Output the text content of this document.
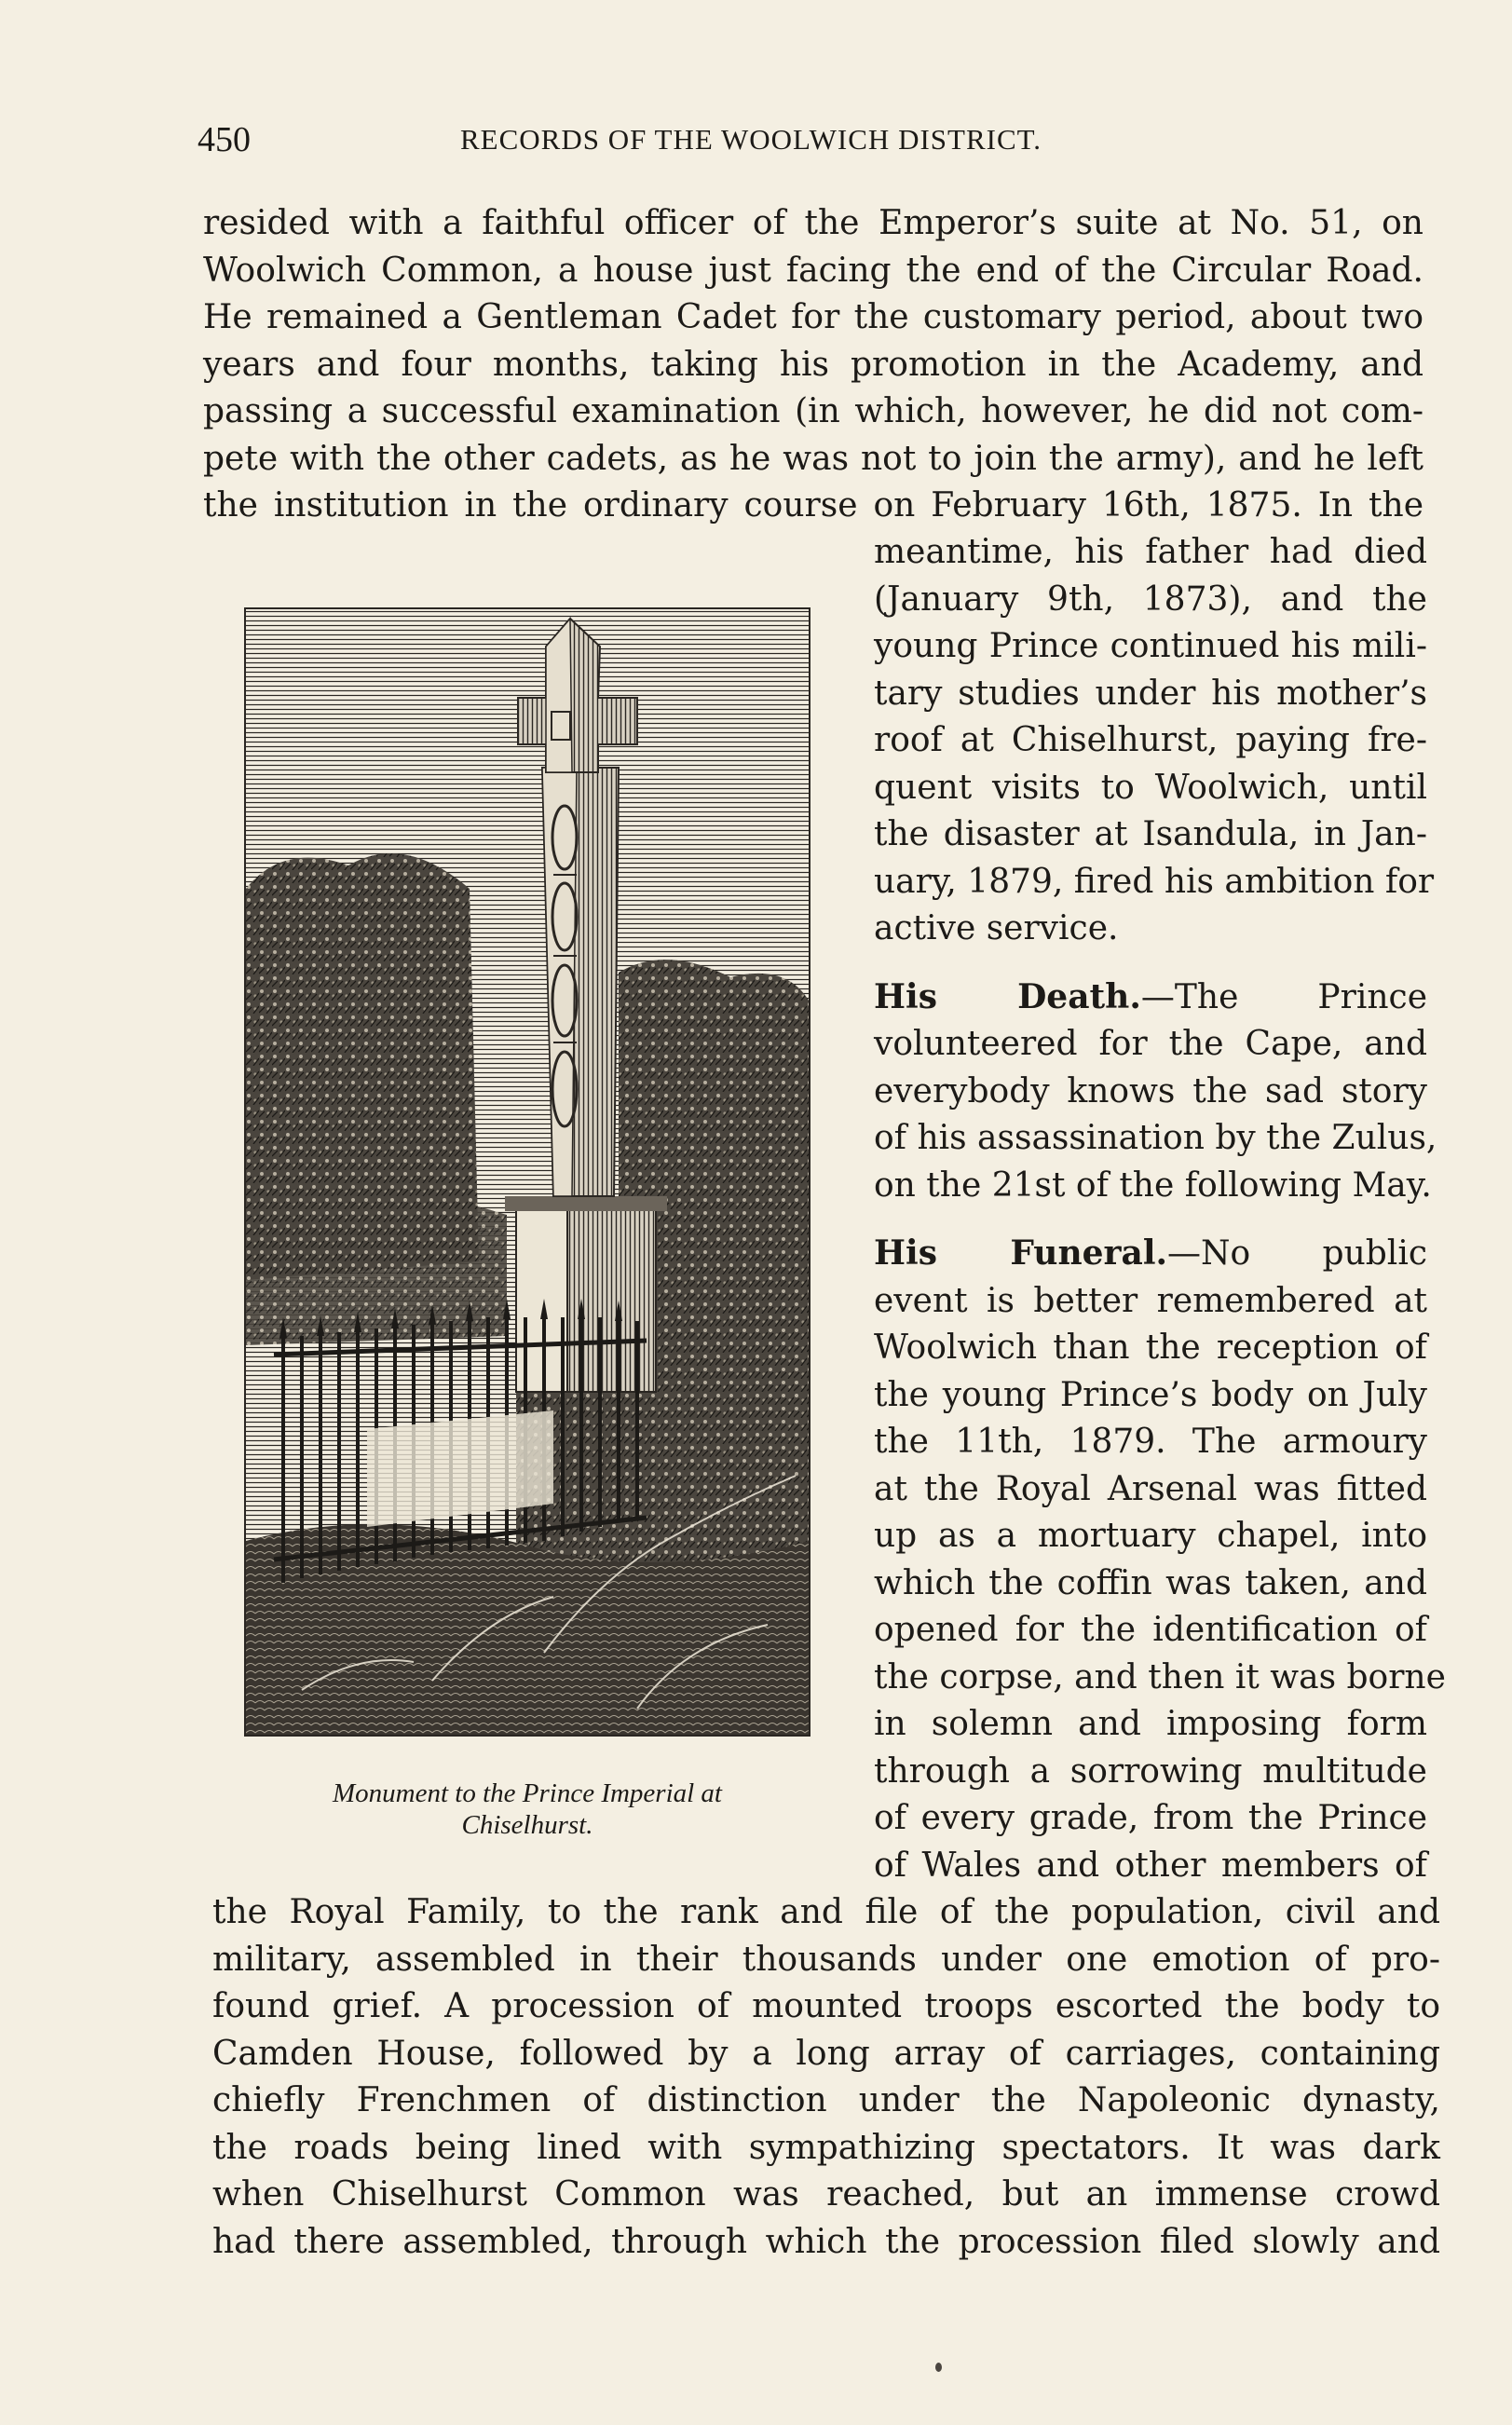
450	RECORDS OF THE WOOLWICH DISTRICT.
resided with a faithful officer of the Emperor’s suite at No. 51, on
Woolwich Common, a house just facing the end of the Circular Road.
He remained a Gentleman Cadet for the customary period, about two
years and four months, taking his promotion in the Academy, and
passing a successful examination (in which, however, he did not com-
pete with the other cadets, as he was not to join the army), and he left
the institution in the ordinary course on February 16th, 1875. In the
meantime, his father had died
(January 9th, 1873), and the
young Prince continued his mili-
tary studies under his mother’s
roof at Chiselhurst, paying fre-
quent visits to Woolwich, until
the disaster at Isandula, in Jan-
uary, 1879, fired his ambition for
active service.
His Death.—The Prince
volunteered for the Cape, and
everybody knows the sad story
of his assassination by the Zulus,
on the 21st of the following May.
His Funeral.—No public
event is better remembered at
Woolwich than the reception of
the young Prince’s body on July
the 11th, 1879. The armoury
at the Royal Arsenal was fitted
up as a mortuary chapel, into
which the coffin was taken, and
opened for the identification of
the corpse, and then it was borne
in solemn and imposing form
through a sorrowing multitude
of every grade, from the Prince
of Wales and other members of
Monument to the Prince Imperial at
Chiselhurst.
the Royal Family, to the rank and file of the population, civil and
military, assembled in their thousands under one emotion of pro-
found grief. A procession of mounted troops escorted the body to
Camden House, followed by a long array of carriages, containing
chiefly Frenchmen of distinction under the Napoleonic dynasty,
the roads being lined with sympathizing spectators. It was dark
when Chiselhurst Common was reached, but an immense crowd
had there assembled, through which the procession filed slowly and
